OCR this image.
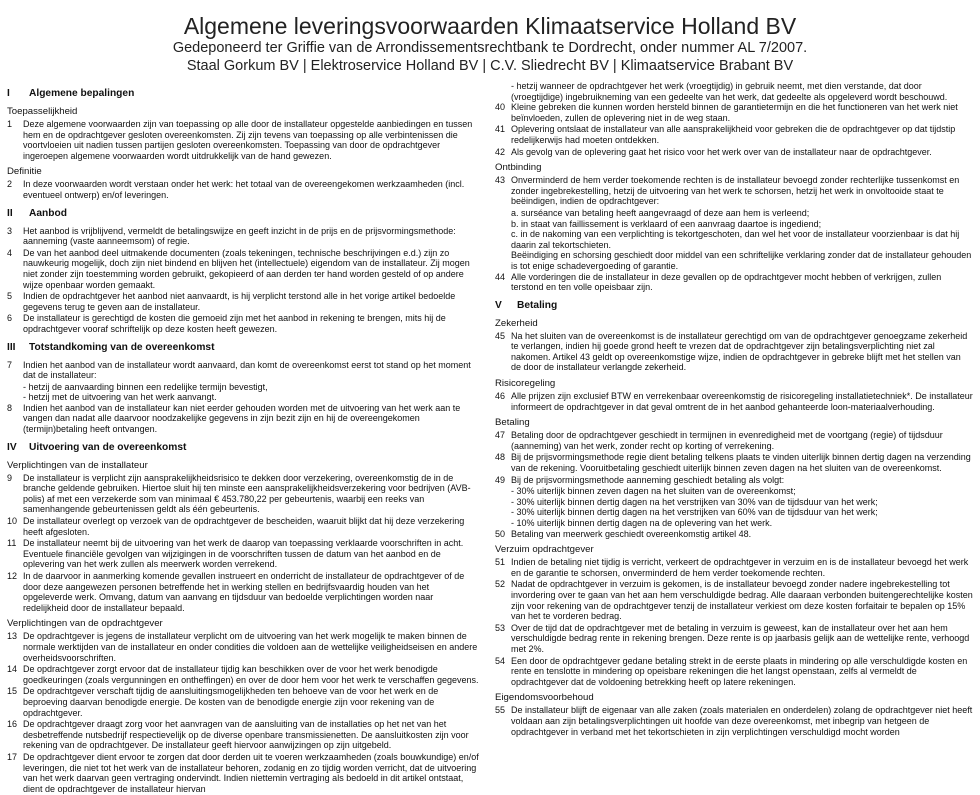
Algemene leveringsvoorwaarden Klimaatservice Holland BV
Gedeponeerd ter Griffie van de Arrondissementsrechtbank te Dordrecht, onder nummer AL 7/2007.
Staal Gorkum BV | Elektroservice Holland BV | C.V. Sliedrecht BV | Klimaatservice Brabant BV
I	Algemene bepalingen
Toepasselijkheid
1	Deze algemene voorwaarden zijn van toepassing op alle door de installateur opgestelde aanbiedingen en tussen hem en de opdrachtgever gesloten overeenkomsten. Zij zijn tevens van toepassing op alle verbintenissen die voortvloeien uit nadien tussen partijen gesloten overeenkomsten. Toepassing van door de opdrachtgever ingeroepen algemene voorwaarden wordt uitdrukkelijk van de hand gewezen.
Definitie
2	In deze voorwaarden wordt verstaan onder het werk: het totaal van de overeengekomen werkzaamheden (incl. eventueel ontwerp) en/of leveringen.
II	Aanbod
3	Het aanbod is vrijblijvend, vermeldt de betalingswijze en geeft inzicht in de prijs en de prijsvormingsmethode: aanneming (vaste aanneemsom) of regie.
4	De van het aanbod deel uitmakende documenten (zoals tekeningen, technische beschrijvingen e.d.) zijn zo nauwkeurig mogelijk, doch zijn niet bindend en blijven het (intellectuele) eigendom van de installateur. Zij mogen niet zonder zijn toestemming worden gebruikt, gekopieerd of aan derden ter hand worden gesteld of op andere wijze openbaar worden gemaakt.
5	Indien de opdrachtgever het aanbod niet aanvaardt, is hij verplicht terstond alle in het vorige artikel bedoelde gegevens terug te geven aan de installateur.
6	De installateur is gerechtigd de kosten die gemoeid zijn met het aanbod in rekening te brengen, mits hij de opdrachtgever vooraf schriftelijk op deze kosten heeft gewezen.
III	Totstandkoming van de overeenkomst
7	Indien het aanbod van de installateur wordt aanvaard, dan komt de overeenkomst eerst tot stand op het moment dat de installateur:
- hetzij de aanvaarding binnen een redelijke termijn bevestigt,
- hetzij met de uitvoering van het werk aanvangt.
8	Indien het aanbod van de installateur kan niet eerder gehouden worden met de uitvoering van het werk aan te vangen dan nadat alle daarvoor noodzakelijke gegevens in zijn bezit zijn en hij de overeengekomen (termijn)betaling heeft ontvangen.
IV	Uitvoering van de overeenkomst
Verplichtingen van de installateur
9	De installateur is verplicht zijn aansprakelijkheidsrisico te dekken door verzekering, overeenkomstig de in de branche geldende gebruiken. Hiertoe sluit hij ten minste een aansprakelijkheidsverzekering voor bedrijven (AVB-polis) af met een verzekerde som van minimaal € 453.780,22 per gebeurtenis, waarbij een reeks van samenhangende gebeurtenissen geldt als één gebeurtenis.
10 De installateur overlegt op verzoek van de opdrachtgever de bescheiden, waaruit blijkt dat hij deze verzekering heeft afgesloten.
11 De installateur neemt bij de uitvoering van het werk de daarop van toepassing verklaarde voorschriften in acht. Eventuele financiële gevolgen van wijzigingen in de voorschriften tussen de datum van het aanbod en de oplevering van het werk zullen als meerwerk worden verrekend.
12 In de daarvoor in aanmerking komende gevallen instrueert en onderricht de installateur de opdrachtgever of de door deze aangewezen personen betreffende het in werking stellen en bedrijfsvaardig houden van het opgeleverde werk. Omvang, datum van aanvang en tijdsduur van bedoelde verplichtingen worden naar redelijkheid door de installateur bepaald.
Verplichtingen van de opdrachtgever
13 De opdrachtgever is jegens de installateur verplicht om de uitvoering van het werk mogelijk te maken binnen de normale werktijden van de installateur en onder condities die voldoen aan de wettelijke veiligheidseisen en andere overheidsvoorschriften.
14 De opdrachtgever zorgt ervoor dat de installateur tijdig kan beschikken over de voor het werk benodigde goedkeuringen (zoals vergunningen en ontheffingen) en over de door hem voor het werk te verschaffen gegevens.
15 De opdrachtgever verschaft tijdig de aansluitingsmogelijkheden ten behoeve van de voor het werk en de beproeving daarvan benodigde energie. De kosten van de benodigde energie zijn voor rekening van de opdrachtgever.
16 De opdrachtgever draagt zorg voor het aanvragen van de aansluiting van de installaties op het net van het desbetreffende nutsbedrijf respectievelijk op de diverse openbare transmissienetten. De aansluitkosten zijn voor rekening van de opdrachtgever. De installateur geeft hiervoor aanwijzingen op zijn uitgebeld.
17 De opdrachtgever dient ervoor te zorgen dat door derden uit te voeren werkzaamheden (zoals bouwkundige) en/of leveringen, die niet tot het werk van de installateur behoren, zodanig en zo tijdig worden verricht, dat de uitvoering van het werk daarvan geen vertraging ondervindt. Indien niettemin vertraging als bedoeld in dit artikel ontstaat, dient de opdrachtgever de installateur hiervan
- hetzij wanneer de opdrachtgever het werk (vroegtijdig) in gebruik neemt, met dien verstande, dat door (vroegtijdige) ingebruikneming van een gedeelte van het werk, dat gedeelte als opgeleverd wordt beschouwd.
40 Kleine gebreken die kunnen worden hersteld binnen de garantietermijn en die het functioneren van het werk niet beïnvloeden, zullen de oplevering niet in de weg staan.
41 Oplevering ontslaat de installateur van alle aansprakelijkheid voor gebreken die de opdrachtgever op dat tijdstip redelijkerwijs had moeten ontdekken.
42 Als gevolg van de oplevering gaat het risico voor het werk over van de installateur naar de opdrachtgever.
Ontbinding
43 Onverminderd de hem verder toekomende rechten is de installateur bevoegd zonder rechterlijke tussenkomst en zonder ingebrekestelling, hetzij de uitvoering van het werk te schorsen, hetzij het werk in onvoltooide staat te beëindigen, indien de opdrachtgever:
a. surséance van betaling heeft aangevraagd of deze aan hem is verleend;
b. in staat van faillissement is verklaard of een aanvraag daartoe is ingediend;
c. in de nakoming van een verplichting is tekortgeschoten, dan wel het voor de installateur voorzienbaar is dat hij daarin zal tekortschieten.
Beëindiging en schorsing geschiedt door middel van een schriftelijke verklaring zonder dat de installateur gehouden is tot enige schadevergoeding of garantie.
44 Alle vorderingen die de installateur in deze gevallen op de opdrachtgever mocht hebben of verkrijgen, zullen terstond en ten volle opeisbaar zijn.
V	Betaling
Zekerheid
45 Na het sluiten van de overeenkomst is de installateur gerechtigd om van de opdrachtgever genoegzame zekerheid te verlangen, indien hij goede grond heeft te vrezen dat de opdrachtgever zijn betalingsverplichting niet zal nakomen. Artikel 43 geldt op overeenkomstige wijze, indien de opdrachtgever in gebreke blijft met het stellen van de door de installateur verlangde zekerheid.
Risicoregeling
46 Alle prijzen zijn exclusief BTW en verrekenbaar overeenkomstig de risicoregeling installatietechniek*. De installateur informeert de opdrachtgever in dat geval omtrent de in het aanbod gehanteerde loon-materiaalverhouding.
Betaling
47 Betaling door de opdrachtgever geschiedt in termijnen in evenredigheid met de voortgang (regie) of tijdsduur (aanneming) van het werk, zonder recht op korting of verrekening.
48 Bij de prijsvormingsmethode regie dient betaling telkens plaats te vinden uiterlijk binnen dertig dagen na verzending van de rekening. Vooruitbetaling geschiedt uiterlijk binnen zeven dagen na het sluiten van de overeenkomst.
49 Bij de prijsvormingsmethode aanneming geschiedt betaling als volgt:
- 30% uiterlijk binnen zeven dagen na het sluiten van de overeenkomst;
- 30% uiterlijk binnen dertig dagen na het verstrijken van 30% van de tijdsduur van het werk;
- 30% uiterlijk binnen dertig dagen na het verstrijken van 60% van de tijdsduur van het werk;
- 10% uiterlijk binnen dertig dagen na de oplevering van het werk.
50 Betaling van meerwerk geschiedt overeenkomstig artikel 48.
Verzuim opdrachtgever
51 Indien de betaling niet tijdig is verricht, verkeert de opdrachtgever in verzuim en is de installateur bevoegd het werk en de garantie te schorsen, onverminderd de hem verder toekomende rechten.
52 Nadat de opdrachtgever in verzuim is gekomen, is de installateur bevoegd zonder nadere ingebrekestelling tot invordering over te gaan van het aan hem verschuldigde bedrag. Alle daaraan verbonden buitengerechtelijke kosten zijn voor rekening van de opdrachtgever tenzij de installateur verkiest om deze kosten forfaitair te bepalen op 15% van het te vorderen bedrag.
53 Over de tijd dat de opdrachtgever met de betaling in verzuim is geweest, kan de installateur over het aan hem verschuldigde bedrag rente in rekening brengen. Deze rente is op jaarbasis gelijk aan de wettelijke rente, verhoogd met 2%.
54 Een door de opdrachtgever gedane betaling strekt in de eerste plaats in mindering op alle verschuldigde kosten en rente en tenslotte in mindering op opeisbare rekeningen die het langst openstaan, zelfs al vermeldt de opdrachtgever dat de voldoening betrekking heeft op latere rekeningen.
Eigendomsvoorbehoud
55 De installateur blijft de eigenaar van alle zaken (zoals materialen en onderdelen) zolang de opdrachtgever niet heeft voldaan aan zijn betalingsverplichtingen uit hoofde van deze overeenkomst, met inbegrip van hetgeen de opdrachtgever in verband met het tekortschieten in zijn verplichtingen verschuldigd mocht worden
